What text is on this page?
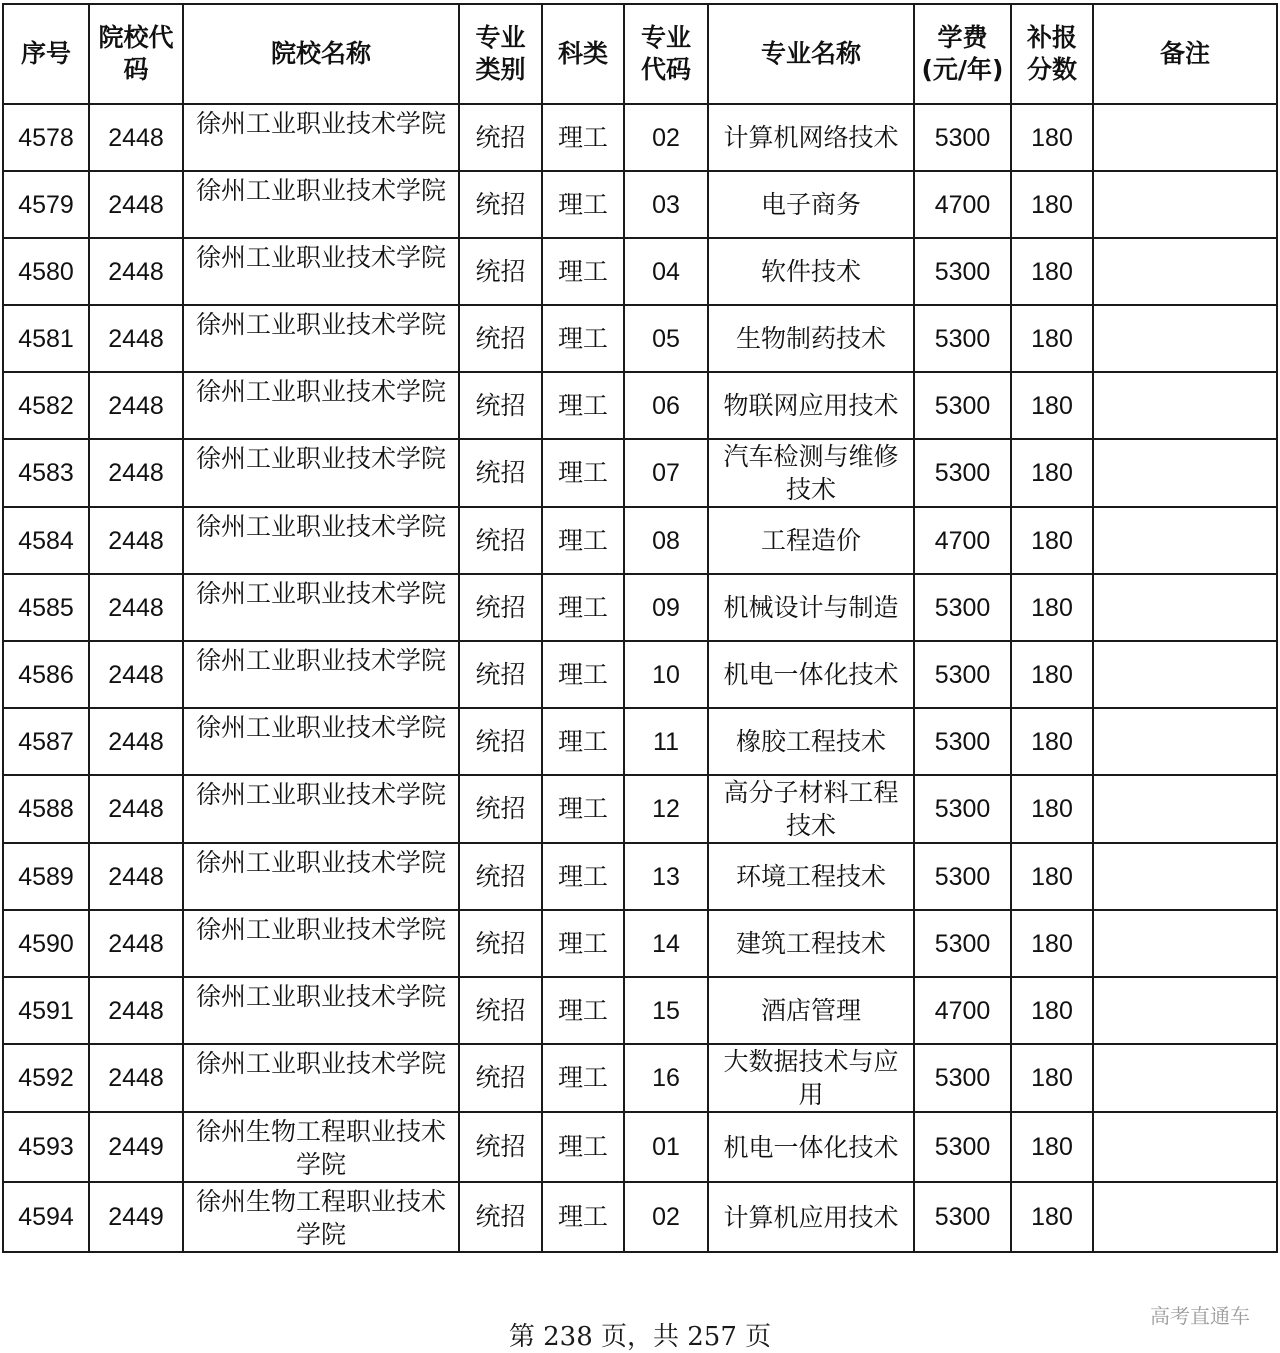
序号	院校代码	院校名称	专业类别	科类	专业代码	专业名称	学费(元/年)	补报分数	备注
4578	2448	徐州工业职业技术学院	统招	理工	02	计算机网络技术	5300	180	
4579	2448	徐州工业职业技术学院	统招	理工	03	电子商务	4700	180	
4580	2448	徐州工业职业技术学院	统招	理工	04	软件技术	5300	180	
4581	2448	徐州工业职业技术学院	统招	理工	05	生物制药技术	5300	180	
4582	2448	徐州工业职业技术学院	统招	理工	06	物联网应用技术	5300	180	
4583	2448	徐州工业职业技术学院	统招	理工	07	汽车检测与维修技术	5300	180	
4584	2448	徐州工业职业技术学院	统招	理工	08	工程造价	4700	180	
4585	2448	徐州工业职业技术学院	统招	理工	09	机械设计与制造	5300	180	
4586	2448	徐州工业职业技术学院	统招	理工	10	机电一体化技术	5300	180	
4587	2448	徐州工业职业技术学院	统招	理工	11	橡胶工程技术	5300	180	
4588	2448	徐州工业职业技术学院	统招	理工	12	高分子材料工程技术	5300	180	
4589	2448	徐州工业职业技术学院	统招	理工	13	环境工程技术	5300	180	
4590	2448	徐州工业职业技术学院	统招	理工	14	建筑工程技术	5300	180	
4591	2448	徐州工业职业技术学院	统招	理工	15	酒店管理	4700	180	
4592	2448	徐州工业职业技术学院	统招	理工	16	大数据技术与应用	5300	180	
4593	2449	徐州生物工程职业技术学院	统招	理工	01	机电一体化技术	5300	180	
4594	2449	徐州生物工程职业技术学院	统招	理工	02	计算机应用技术	5300	180	
第 238 页，共 257 页
高考直通车
